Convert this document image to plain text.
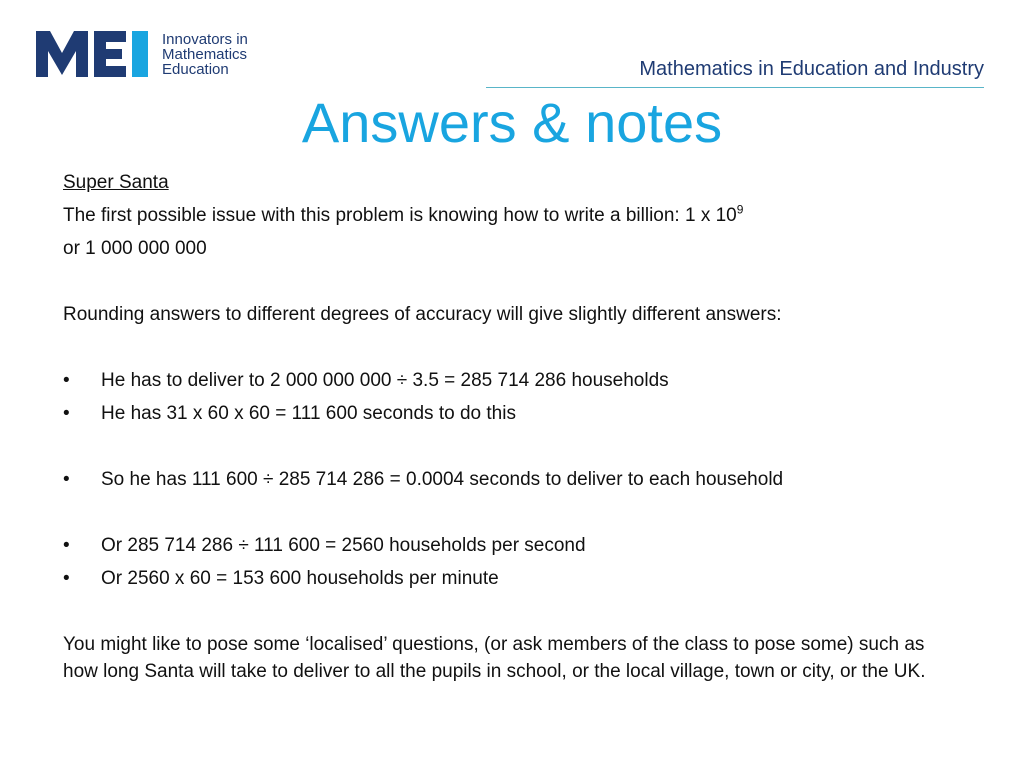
Innovators in
Mathematics
Education	Mathematics in Education and Industry
Answers & notes

Super Santa

The first possible issue with this problem is knowing how to write a billion: 1 x $10^9$

or 1 000 000 000

Rounding answers to different degrees of accuracy will give slightly different answers:

•	He has to deliver to 2 000 000 000 ÷ 3.5 = 285 714 286 households
•	He has 31 x 60 x 60 = 111 600 seconds to do this
•	So he has 111 600 ÷ 285 714 286 = 0.0004 seconds to deliver to each household
•	Or 285 714 286 ÷ 111 600 = 2560 households per second
•	Or 2560 x 60 = 153 600 households per minute

You might like to pose some ‘localised’ questions, (or ask members of the class to pose some) such as how long Santa will take to deliver to all the pupils in school, or the local village, town or city, or the UK.
